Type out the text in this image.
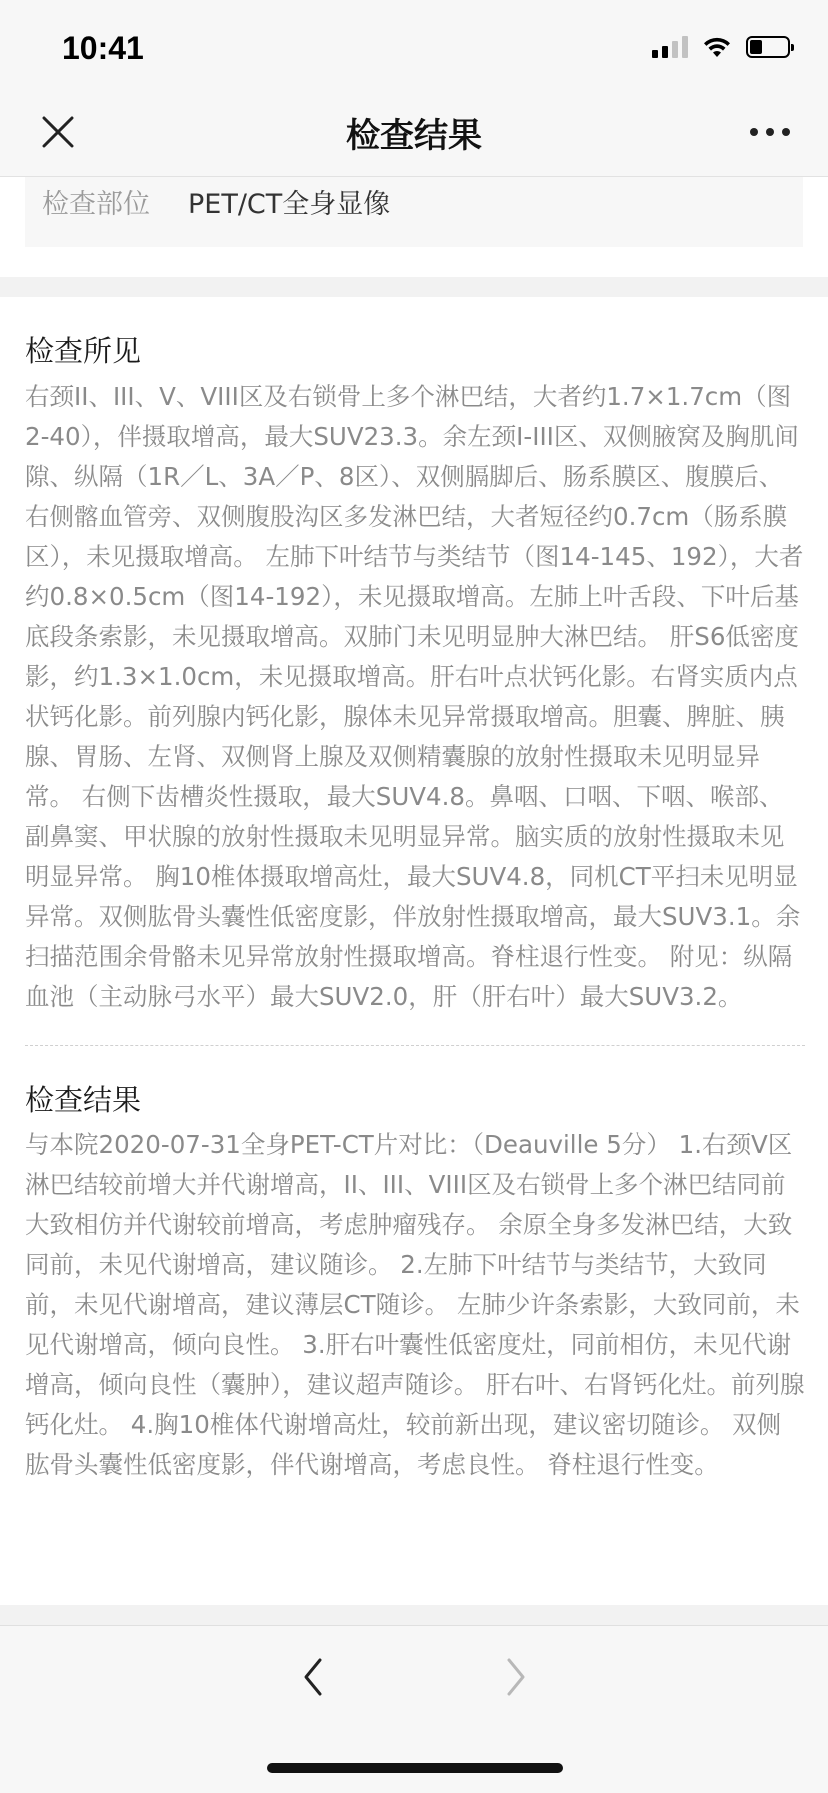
10:41
检查结果
检查部位 PET/CT全身显像
检查所见

右颈II、III、V、VIII区及右锁骨上多个淋巴结，大者约1.7×1.7cm（图2-40），伴摄取增高，最大SUV23.3。余左颈I-III区、双侧腋窝及胸肌间隙、纵隔（1R／L、3A／P、8区）、双侧膈脚后、肠系膜区、腹膜后、右侧髂血管旁、双侧腹股沟区多发淋巴结，大者短径约0.7cm（肠系膜区），未见摄取增高。 左肺下叶结节与类结节（图14-145、192），大者约0.8×0.5cm（图14-192），未见摄取增高。左肺上叶舌段、下叶后基底段条索影，未见摄取增高。双肺门未见明显肿大淋巴结。 肝S6低密度影，约1.3×1.0cm，未见摄取增高。肝右叶点状钙化影。右肾实质内点状钙化影。前列腺内钙化影，腺体未见异常摄取增高。胆囊、脾脏、胰腺、胃肠、左肾、双侧肾上腺及双侧精囊腺的放射性摄取未见明显异常。 右侧下齿槽炎性摄取，最大SUV4.8。鼻咽、口咽、下咽、喉部、副鼻窦、甲状腺的放射性摄取未见明显异常。脑实质的放射性摄取未见明显异常。 胸10椎体摄取增高灶，最大SUV4.8，同机CT平扫未见明显异常。双侧肱骨头囊性低密度影，伴放射性摄取增高，最大SUV3.1。余扫描范围余骨骼未见异常放射性摄取增高。脊柱退行性变。 附见：纵隔血池（主动脉弓水平）最大SUV2.0，肝（肝右叶）最大SUV3.2。

检查结果

与本院2020-07-31全身PET-CT片对比：（Deauville 5分） 1.右颈V区淋巴结较前增大并代谢增高，II、III、VIII区及右锁骨上多个淋巴结同前大致相仿并代谢较前增高，考虑肿瘤残存。 余原全身多发淋巴结，大致同前，未见代谢增高，建议随诊。 2.左肺下叶结节与类结节，大致同前，未见代谢增高，建议薄层CT随诊。 左肺少许条索影，大致同前，未见代谢增高，倾向良性。 3.肝右叶囊性低密度灶，同前相仿，未见代谢增高，倾向良性（囊肿），建议超声随诊。 肝右叶、右肾钙化灶。前列腺钙化灶。 4.胸10椎体代谢增高灶，较前新出现，建议密切随诊。 双侧肱骨头囊性低密度影，伴代谢增高，考虑良性。 脊柱退行性变。
